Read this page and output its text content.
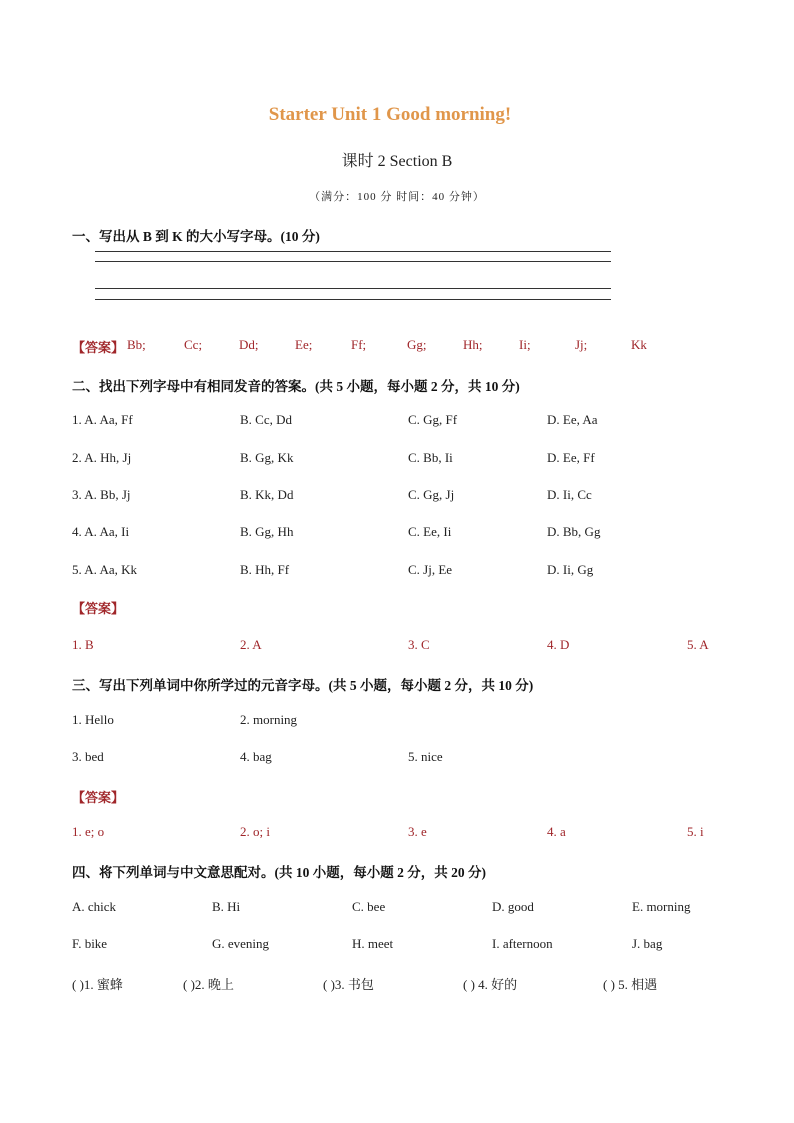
Starter Unit 1 Good morning!
课时 2 Section B
（满分：100 分 时间：40 分钟）
一、写出从 B 到 K 的大小写字母。(10 分)
【答案】 Bb;	Cc;	Dd;	Ee;	Ff;	Gg;	Hh;	Ii;	Jj;	Kk
二、找出下列字母中有相同发音的答案。(共 5 小题，每小题 2 分，共 10 分)
1. A. Aa, Ff	B. Cc, Dd	C. Gg, Ff	D. Ee, Aa
2. A. Hh, Jj	B. Gg, Kk	C. Bb, Ii	D. Ee, Ff
3. A. Bb, Jj	B. Kk, Dd	C. Gg, Jj	D. Ii, Cc
4. A. Aa, Ii	B. Gg, Hh	C. Ee, Ii	D. Bb, Gg
5. A. Aa, Kk	B. Hh, Ff	C. Jj, Ee	D. Ii, Gg
【答案】
1. B	2. A	3. C	4. D	5. A
三、写出下列单词中你所学过的元音字母。(共 5 小题，每小题 2 分，共 10 分)
1. Hello	2. morning
3. bed	4. bag	5. nice
【答案】
1. e; o	2. o; i	3. e	4. a	5. i
四、将下列单词与中文意思配对。(共 10 小题，每小题 2 分，共 20 分)
A. chick	B. Hi	C. bee	D. good	E. morning
F. bike	G. evening	H. meet	I. afternoon	J. bag
( )1. 蜜蜂	( )2. 晚上	( )3. 书包	( ) 4. 好的	( ) 5. 相遇
